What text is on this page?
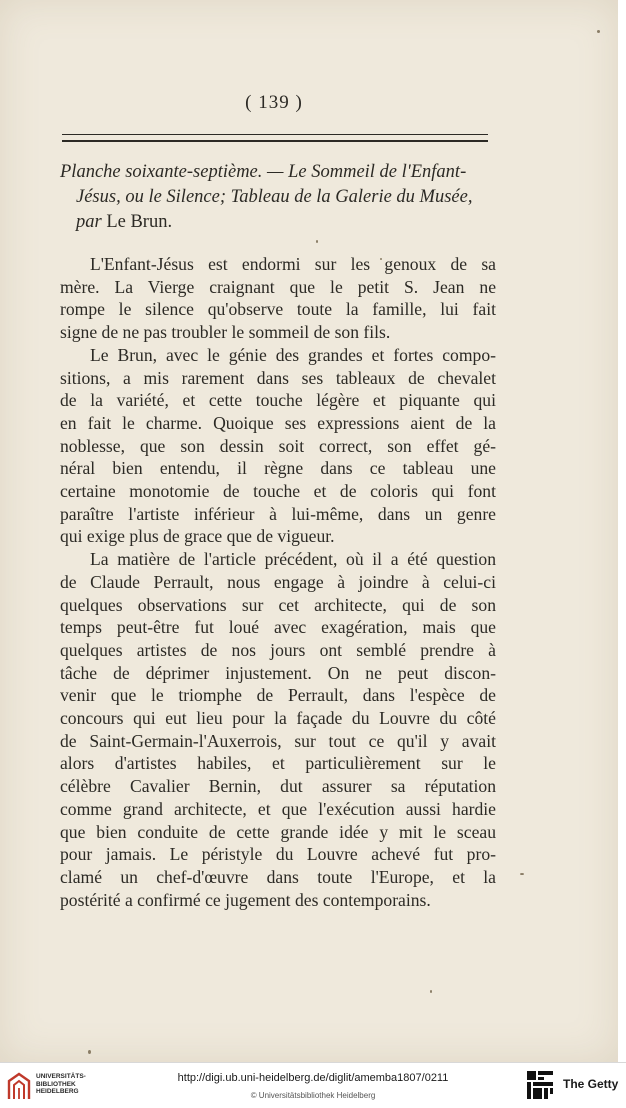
( 139 )
Planche soixante-septième. — Le Sommeil de l'Enfant-
Jésus, ou le Silence; Tableau de la Galerie du Musée,
par Le Brun.
L'Enfant-Jésus est endormi sur les genoux de sa
mère. La Vierge craignant que le petit S. Jean ne
rompe le silence qu'observe toute la famille, lui fait
signe de ne pas troubler le sommeil de son fils.
Le Brun, avec le génie des grandes et fortes compo-
sitions, a mis rarement dans ses tableaux de chevalet
de la variété, et cette touche légère et piquante qui
en fait le charme. Quoique ses expressions aient de la
noblesse, que son dessin soit correct, son effet gé-
néral bien entendu, il règne dans ce tableau une
certaine monotomie de touche et de coloris qui font
paraître l'artiste inférieur à lui-même, dans un genre
qui exige plus de grace que de vigueur.
La matière de l'article précédent, où il a été question
de Claude Perrault, nous engage à joindre à celui-ci
quelques observations sur cet architecte, qui de son
temps peut-être fut loué avec exagération, mais que
quelques artistes de nos jours ont semblé prendre à
tâche de déprimer injustement. On ne peut discon-
venir que le triomphe de Perrault, dans l'espèce de
concours qui eut lieu pour la façade du Louvre du côté
de Saint-Germain-l'Auxerrois, sur tout ce qu'il y avait
alors d'artistes habiles, et particulièrement sur le
célèbre Cavalier Bernin, dut assurer sa réputation
comme grand architecte, et que l'exécution aussi hardie
que bien conduite de cette grande idée y mit le sceau
pour jamais. Le péristyle du Louvre achevé fut pro-
clamé un chef-d'œuvre dans toute l'Europe, et la
postérité a confirmé ce jugement des contemporains.
UNIVERSITÄTS-
BIBLIOTHEK
HEIDELBERG
http://digi.ub.uni-heidelberg.de/diglit/amemba1807/0211
© Universitätsbibliothek Heidelberg
The Getty
